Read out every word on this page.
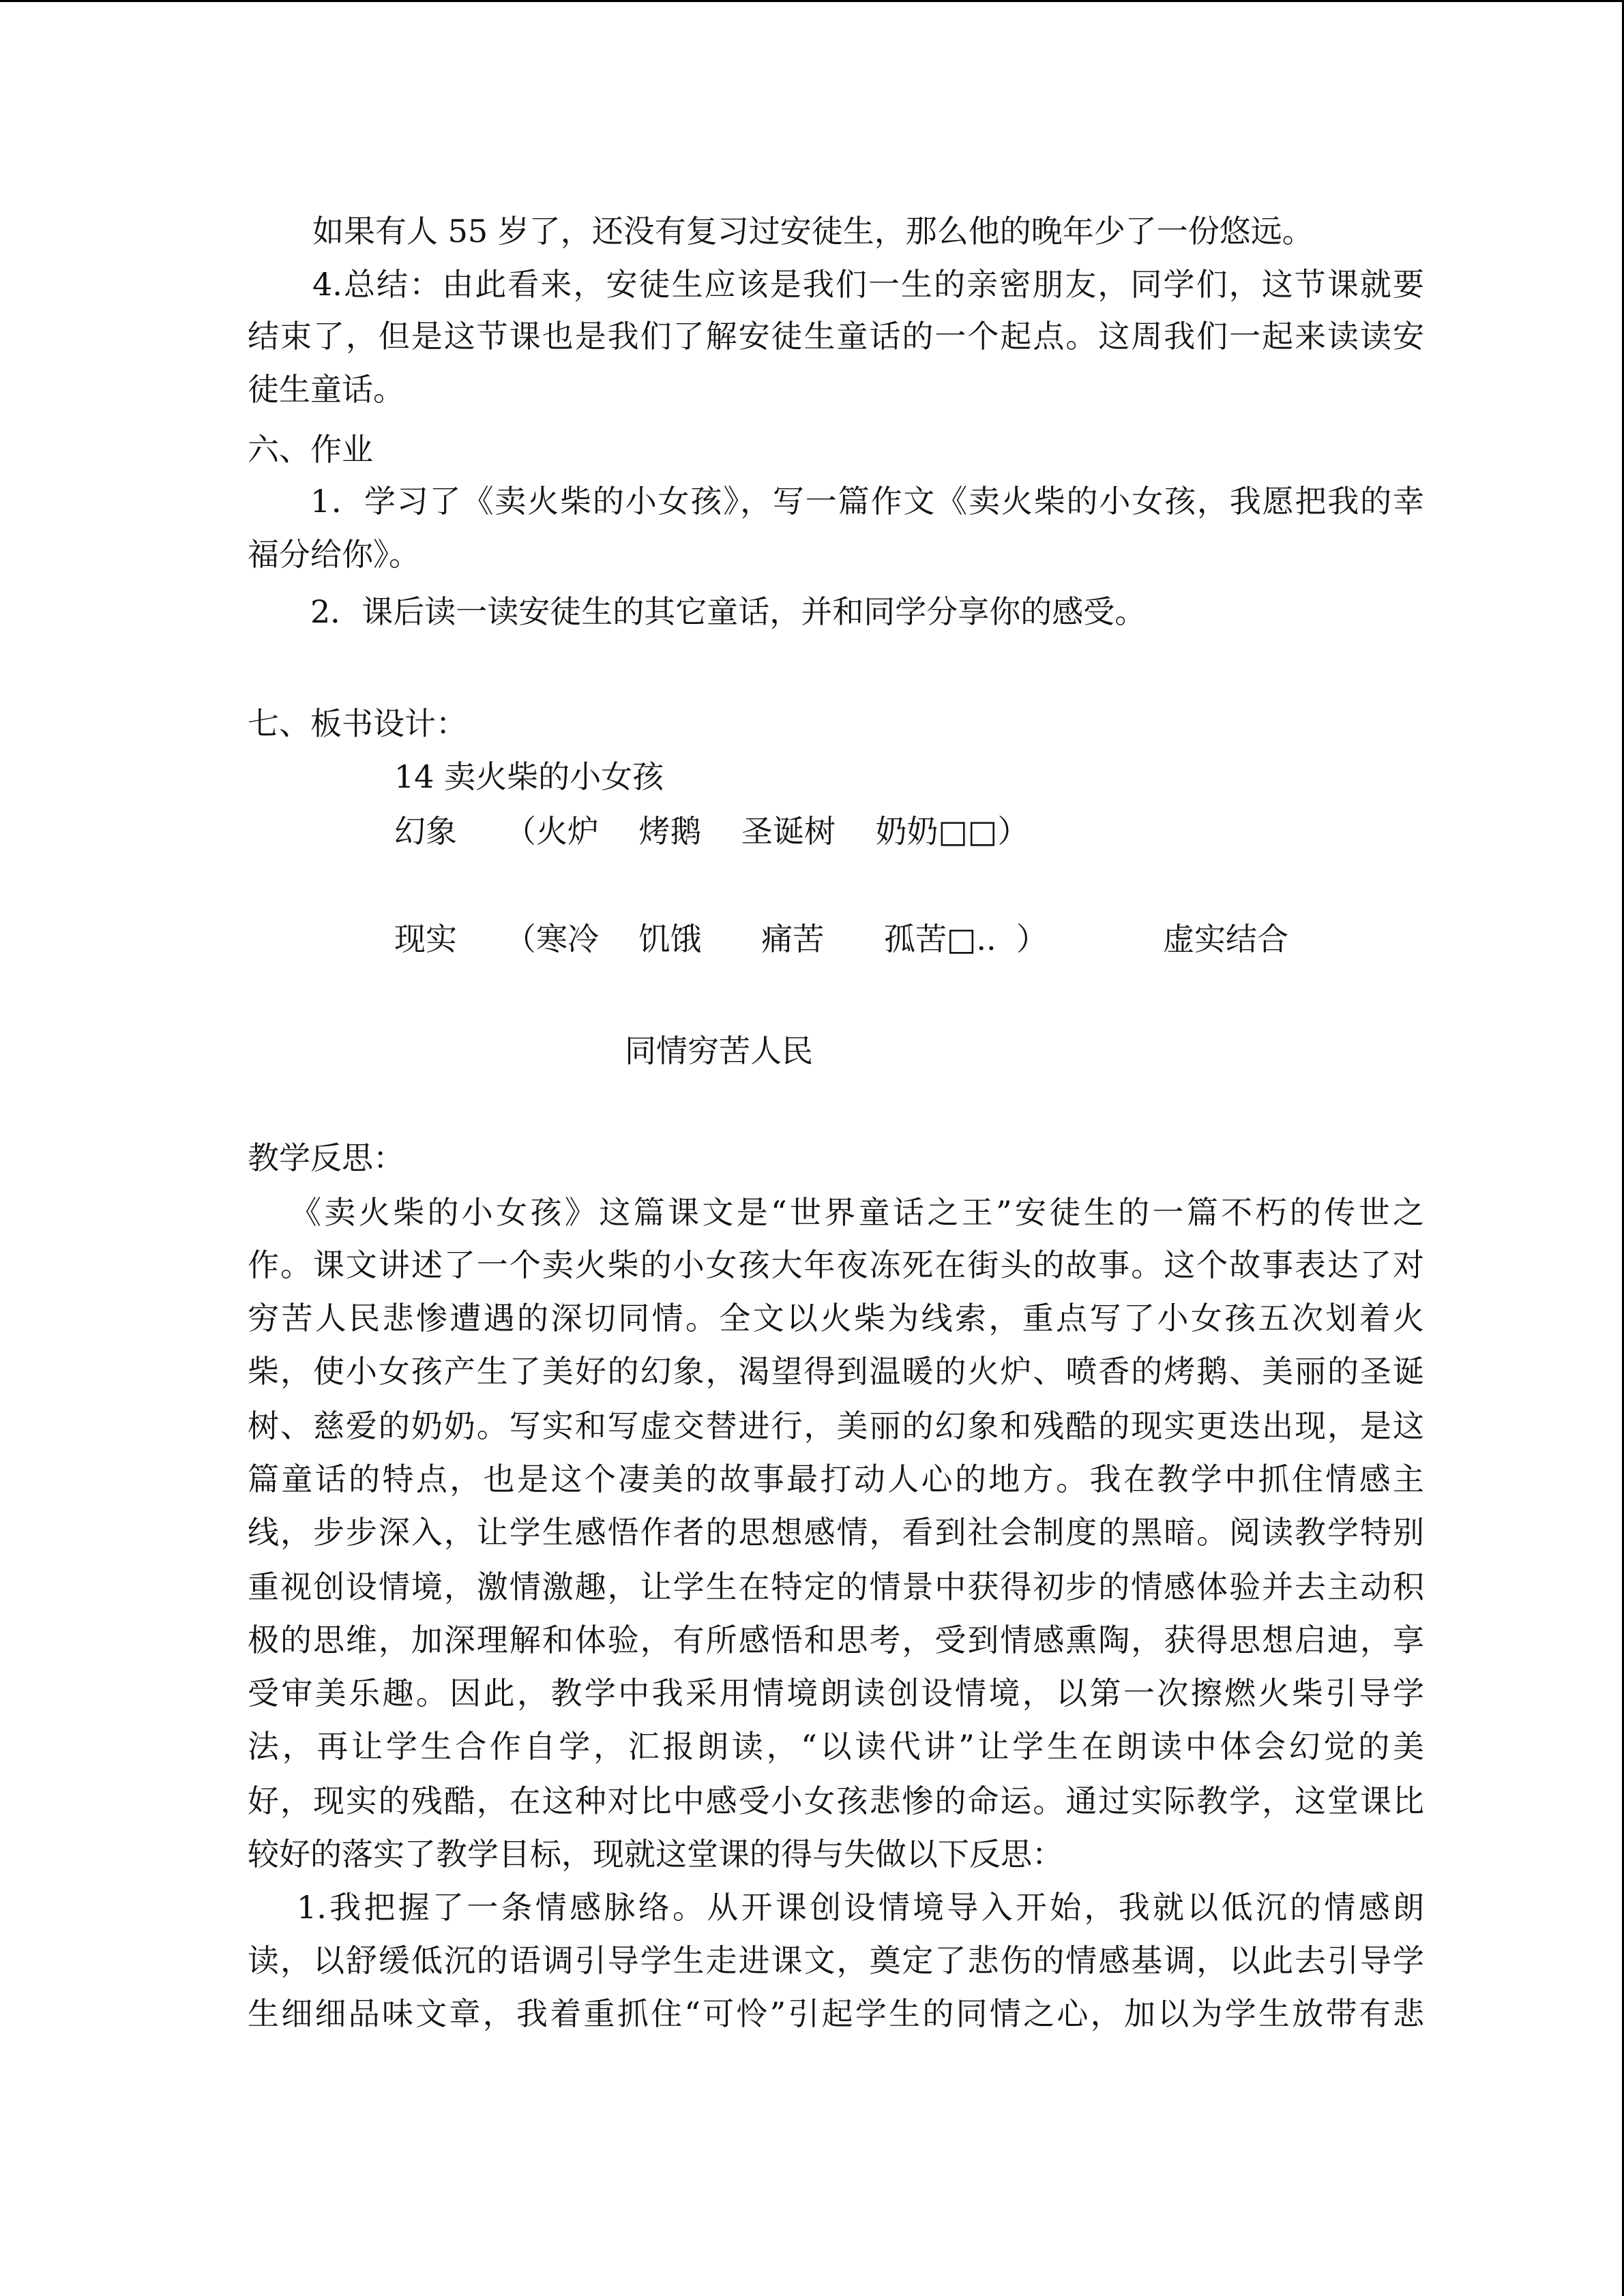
如果有人 55 岁了，还没有复习过安徒生，那么他的晚年少了一份悠远。
4.总结：由此看来，安徒生应该是我们一生的亲密朋友，同学们，这节课就要
结束了，但是这节课也是我们了解安徒生童话的一个起点。这周我们一起来读读安
徒生童话。
六、作业
1．学习了《卖火柴的小女孩》，写一篇作文《卖火柴的小女孩，我愿把我的幸
福分给你》。
2．课后读一读安徒生的其它童话，并和同学分享你的感受。
七、板书设计：
14 卖火柴的小女孩
幻象 （火炉    烤鹅    圣诞树    奶奶□□）
现实 （寒冷    饥饿      痛苦      孤苦□..  ）	虚实结合
同情穷苦人民
教学反思：
《卖火柴的小女孩》这篇课文是“世界童话之王”安徒生的一篇不朽的传世之
作。课文讲述了一个卖火柴的小女孩大年夜冻死在街头的故事。这个故事表达了对
穷苦人民悲惨遭遇的深切同情。全文以火柴为线索，重点写了小女孩五次划着火
柴，使小女孩产生了美好的幻象，渴望得到温暖的火炉、喷香的烤鹅、美丽的圣诞
树、慈爱的奶奶。写实和写虚交替进行，美丽的幻象和残酷的现实更迭出现，是这
篇童话的特点，也是这个凄美的故事最打动人心的地方。我在教学中抓住情感主
线，步步深入，让学生感悟作者的思想感情，看到社会制度的黑暗。阅读教学特别
重视创设情境，激情激趣，让学生在特定的情景中获得初步的情感体验并去主动积
极的思维，加深理解和体验，有所感悟和思考，受到情感熏陶，获得思想启迪，享
受审美乐趣。因此，教学中我采用情境朗读创设情境，以第一次擦燃火柴引导学
法，再让学生合作自学，汇报朗读，“以读代讲”让学生在朗读中体会幻觉的美
好，现实的残酷，在这种对比中感受小女孩悲惨的命运。通过实际教学，这堂课比
较好的落实了教学目标，现就这堂课的得与失做以下反思：
1.我把握了一条情感脉络。从开课创设情境导入开始，我就以低沉的情感朗
读，以舒缓低沉的语调引导学生走进课文，奠定了悲伤的情感基调，以此去引导学
生细细品味文章，我着重抓住“可怜”引起学生的同情之心，加以为学生放带有悲
